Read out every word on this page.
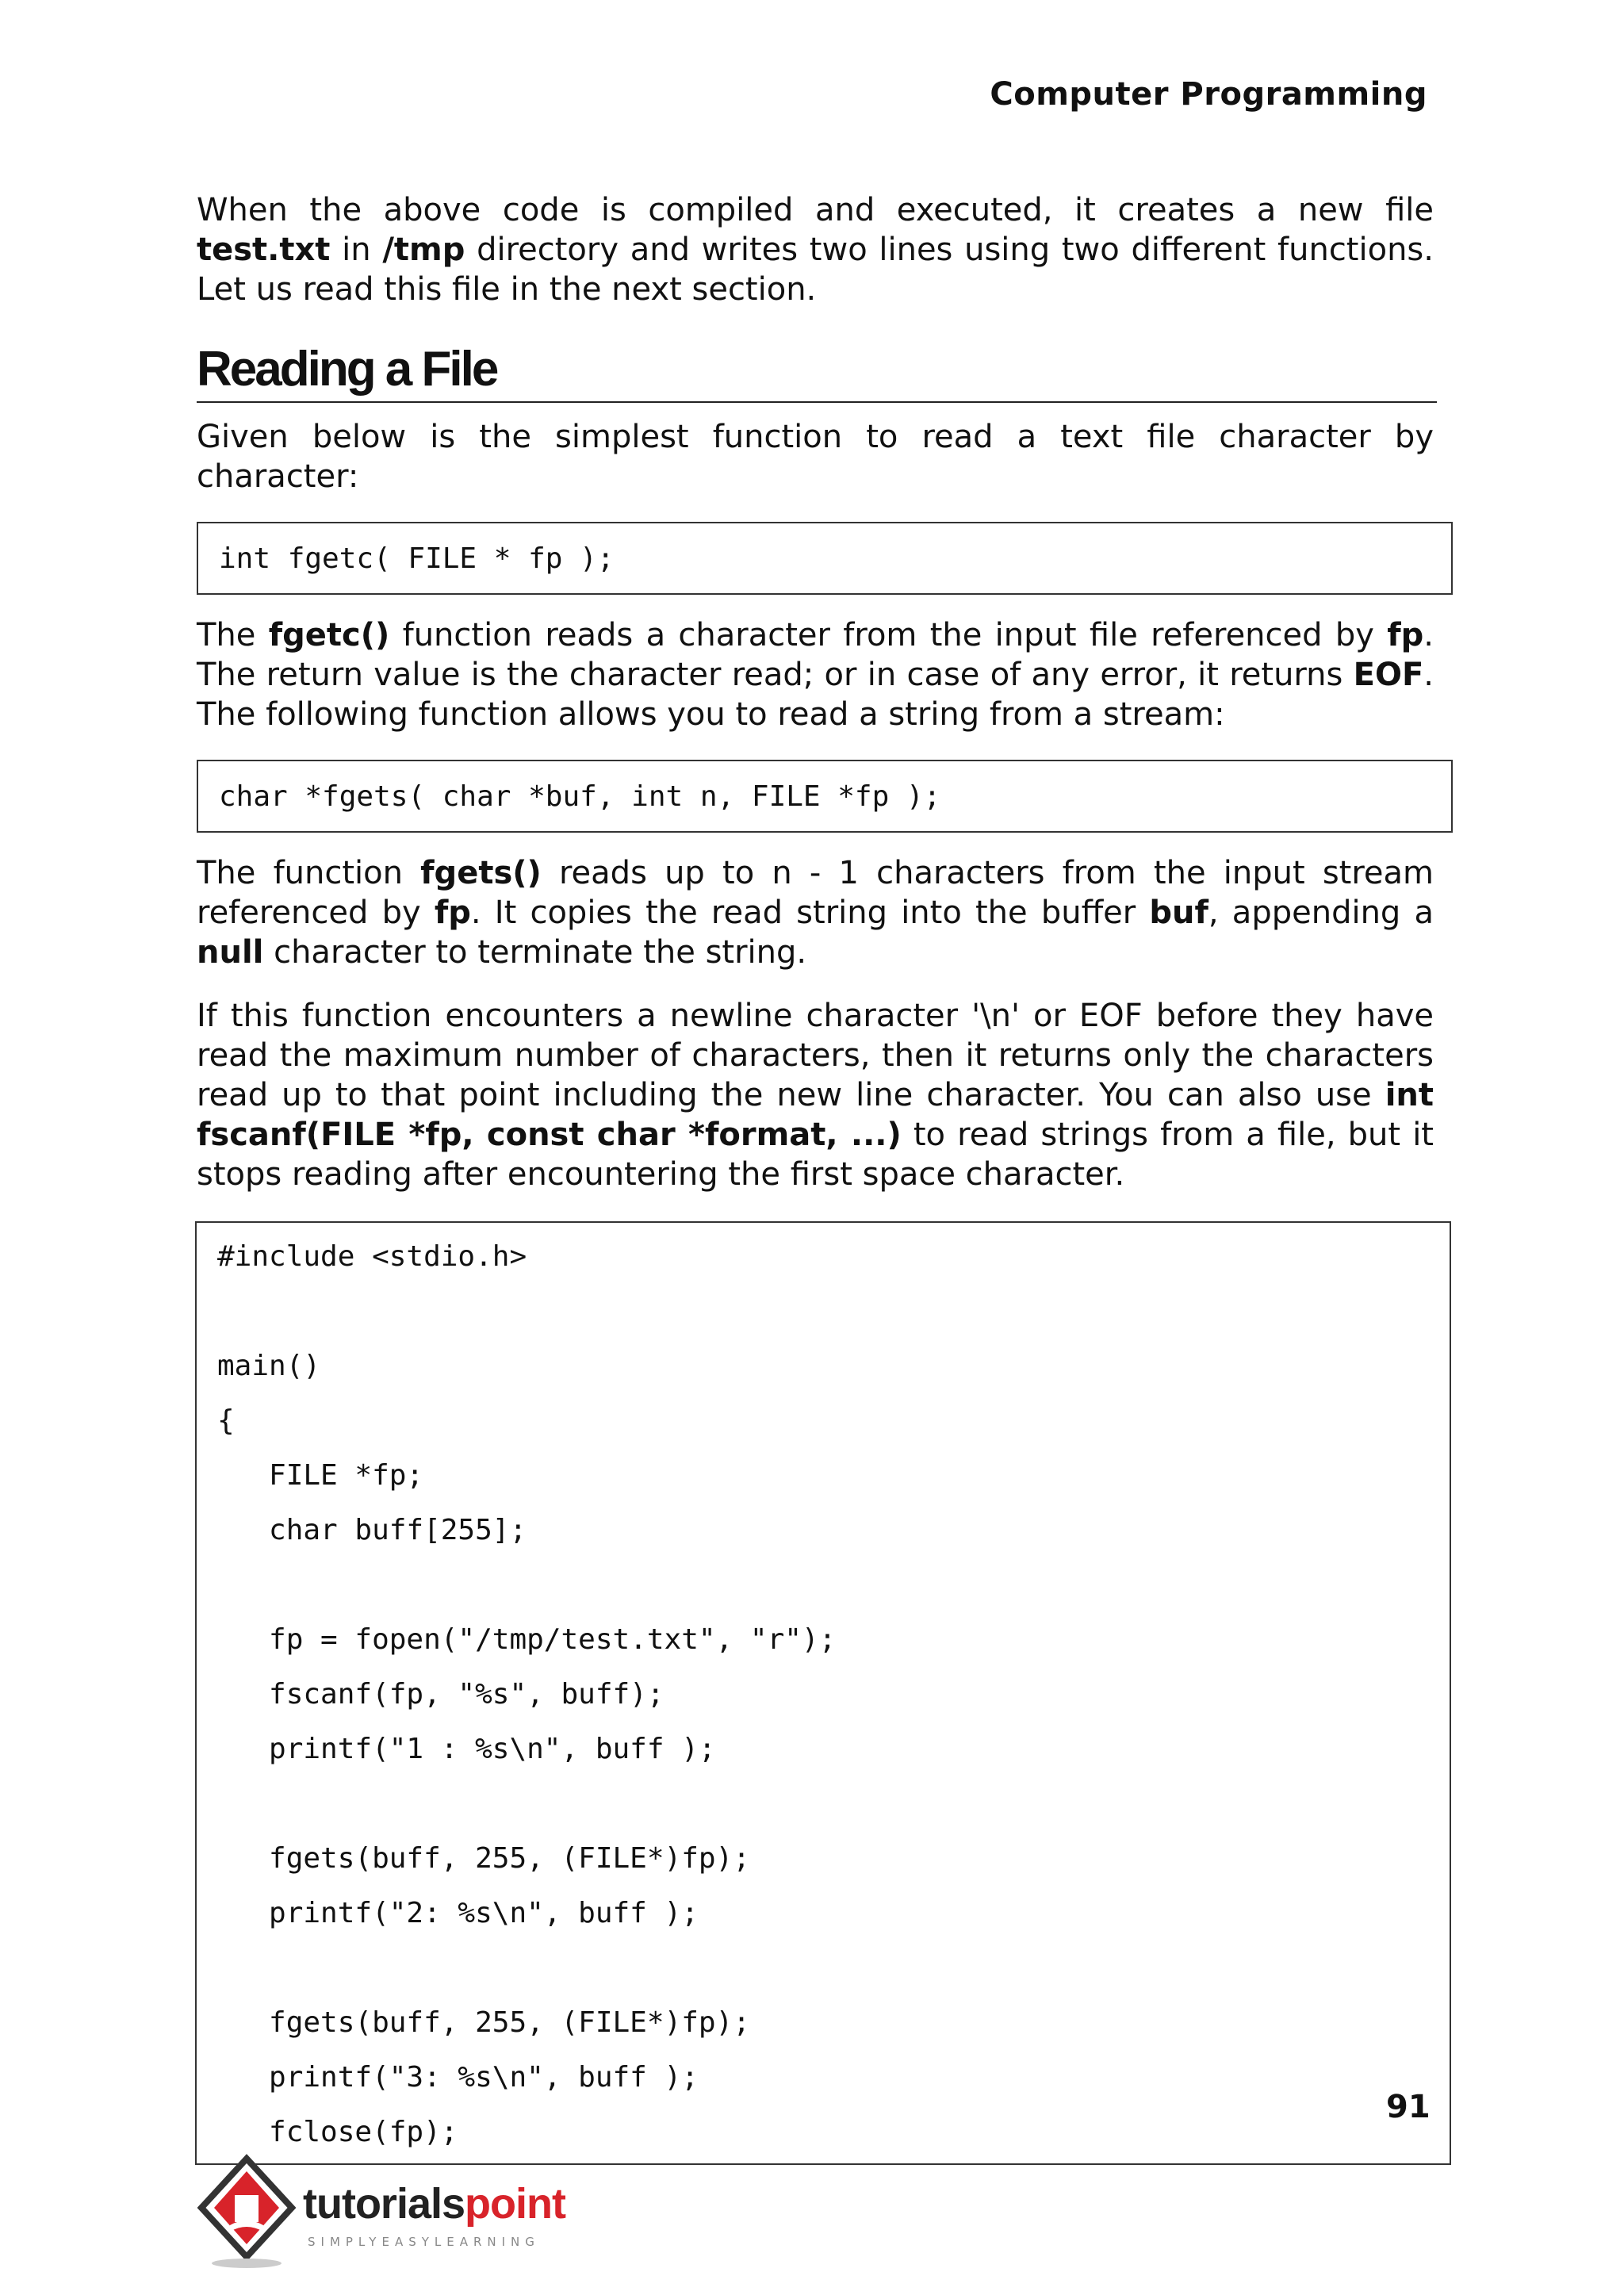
Computer Programming

When the above code is compiled and executed, it creates a new file test.txt in /tmp directory and writes two lines using two different functions. Let us read this file in the next section.

Reading a File

Given below is the simplest function to read a text file character by character:

int fgetc( FILE * fp );

The fgetc() function reads a character from the input file referenced by fp. The return value is the character read; or in case of any error, it returns EOF. The following function allows you to read a string from a stream:

char *fgets( char *buf, int n, FILE *fp );

The function fgets() reads up to n - 1 characters from the input stream referenced by fp. It copies the read string into the buffer buf, appending a null character to terminate the string.

If this function encounters a newline character '\n' or EOF before they have read the maximum number of characters, then it returns only the characters read up to that point including the new line character. You can also use int fscanf(FILE *fp, const char *format, ...) to read strings from a file, but it stops reading after encountering the first space character.

#include <stdio.h>
main()
{
FILE *fp;
char buff[255];
fp = fopen("/tmp/test.txt", "r");
fscanf(fp, "%s", buff);
printf("1 : %s\n", buff );
fgets(buff, 255, (FILE*)fp);
printf("2: %s\n", buff );
fgets(buff, 255, (FILE*)fp);
printf("3: %s\n", buff );
fclose(fp);
91
tutorialspoint
SIMPLYEASYLEARNING
